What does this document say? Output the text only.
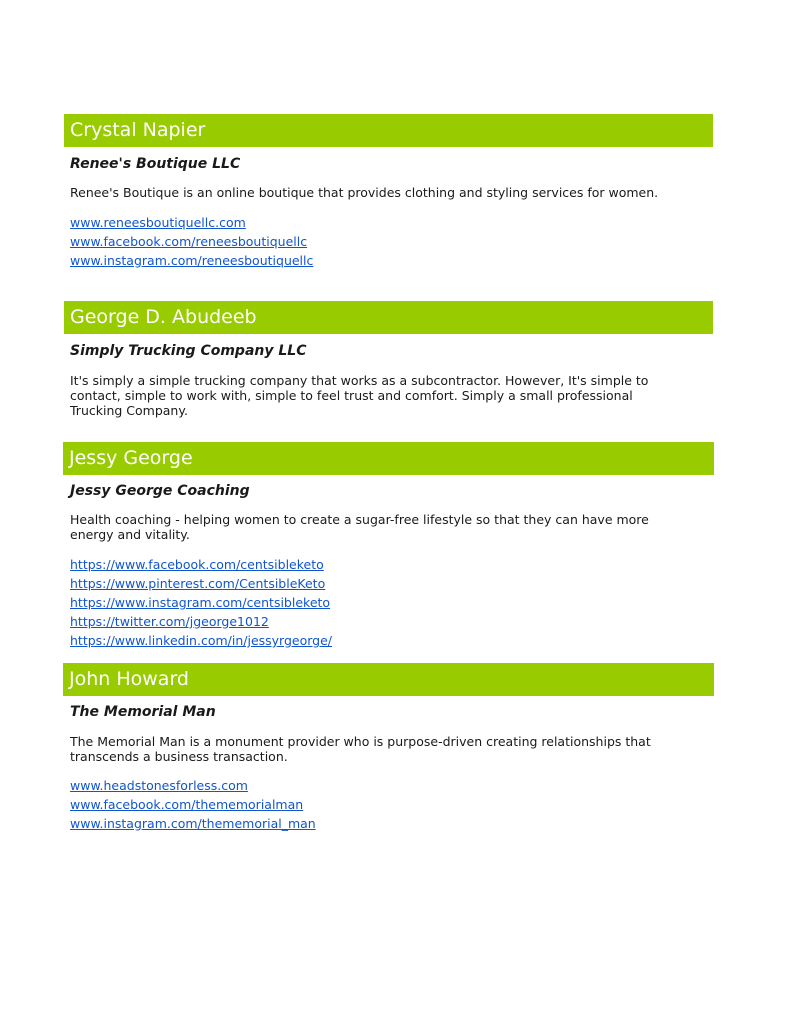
Crystal Napier
Renee's Boutique LLC

Renee's Boutique is an online boutique that provides clothing and styling services for women.

www.reneesboutiquellc.com
www.facebook.com/reneesboutiquellc
www.instagram.com/reneesboutiquellc
George D. Abudeeb
Simply Trucking Company LLC

It's simply a simple trucking company that works as a subcontractor. However, It's simple to contact, simple to work with, simple to feel trust and comfort. Simply a small professional Trucking Company.

Jessy George
Jessy George Coaching

Health coaching - helping women to create a sugar-free lifestyle so that they can have more energy and vitality.

https://www.facebook.com/centsibleketo
https://www.pinterest.com/CentsibleKeto
https://www.instagram.com/centsibleketo
https://twitter.com/jgeorge1012
https://www.linkedin.com/in/jessyrgeorge/
John Howard
The Memorial Man

The Memorial Man is a monument provider who is purpose-driven creating relationships that transcends a business transaction.

www.headstonesforless.com
www.facebook.com/thememorialman
www.instagram.com/thememorial_man
